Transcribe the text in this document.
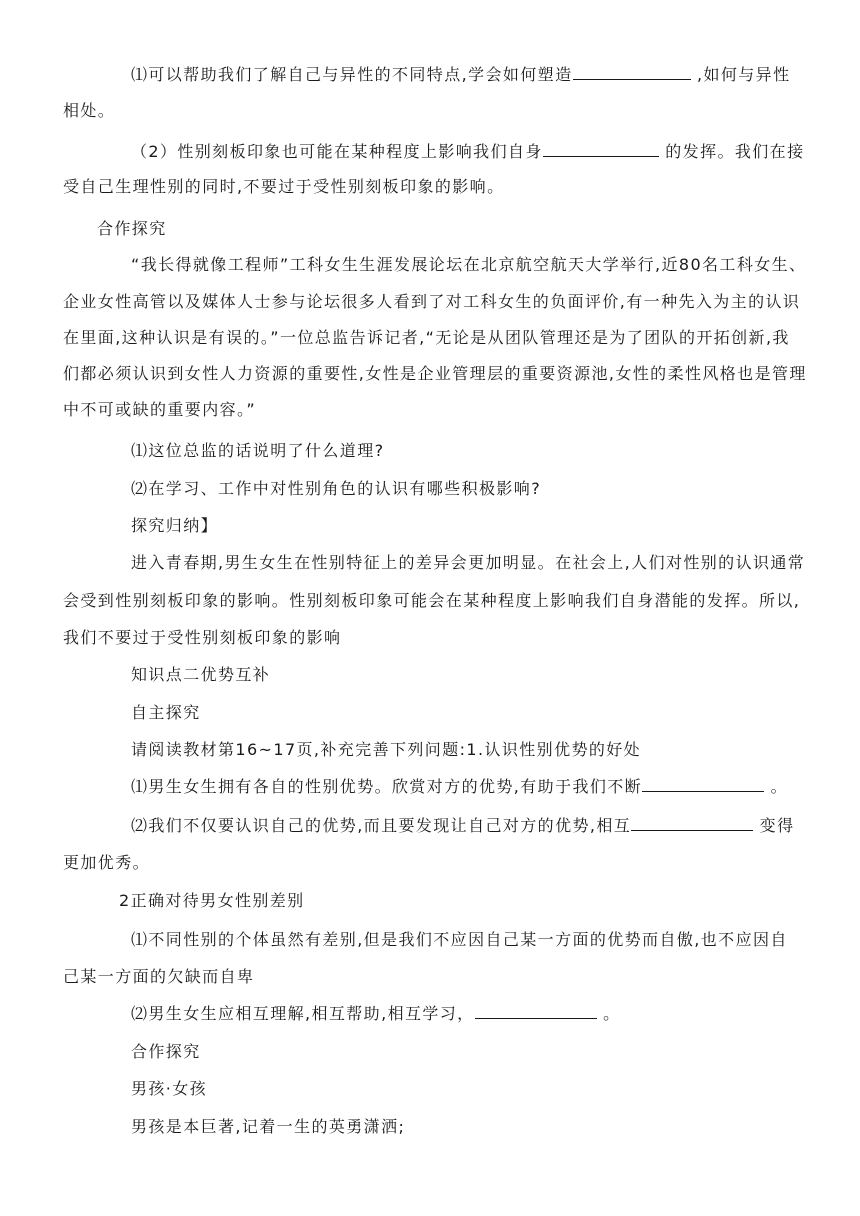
⑴可以帮助我们了解自己与异性的不同特点,学会如何塑造	,如何与异性
相处。
（2）性别刻板印象也可能在某种程度上影响我们自身	的发挥。我们在接
受自己生理性别的同时,不要过于受性别刻板印象的影响。
合作探究
“我长得就像工程师”工科女生生涯发展论坛在北京航空航天大学举行,近80名工科女生、
企业女性高管以及媒体人士参与论坛很多人看到了对工科女生的负面评价,有一种先入为主的认识
在里面,这种认识是有误的。”一位总监告诉记者,“无论是从团队管理还是为了团队的开拓创新,我
们都必须认识到女性人力资源的重要性,女性是企业管理层的重要资源池,女性的柔性风格也是管理
中不可或缺的重要内容。”
⑴这位总监的话说明了什么道理?
⑵在学习、工作中对性别角色的认识有哪些积极影响?
探究归纳】
进入青春期,男生女生在性别特征上的差异会更加明显。在社会上,人们对性别的认识通常
会受到性别刻板印象的影响。性别刻板印象可能会在某种程度上影响我们自身潜能的发挥。所以,
我们不要过于受性别刻板印象的影响
知识点二优势互补
自主探究
请阅读教材第16~17页,补充完善下列问题:1.认识性别优势的好处
⑴男生女生拥有各自的性别优势。欣赏对方的优势,有助于我们不断	。
⑵我们不仅要认识自己的优势,而且要发现让自己对方的优势,相互	变得
更加优秀。
2正确对待男女性别差别
⑴不同性别的个体虽然有差别,但是我们不应因自己某一方面的优势而自傲,也不应因自
己某一方面的欠缺而自卑
⑵男生女生应相互理解,相互帮助,相互学习，	。
合作探究
男孩·女孩
男孩是本巨著,记着一生的英勇潇洒;
